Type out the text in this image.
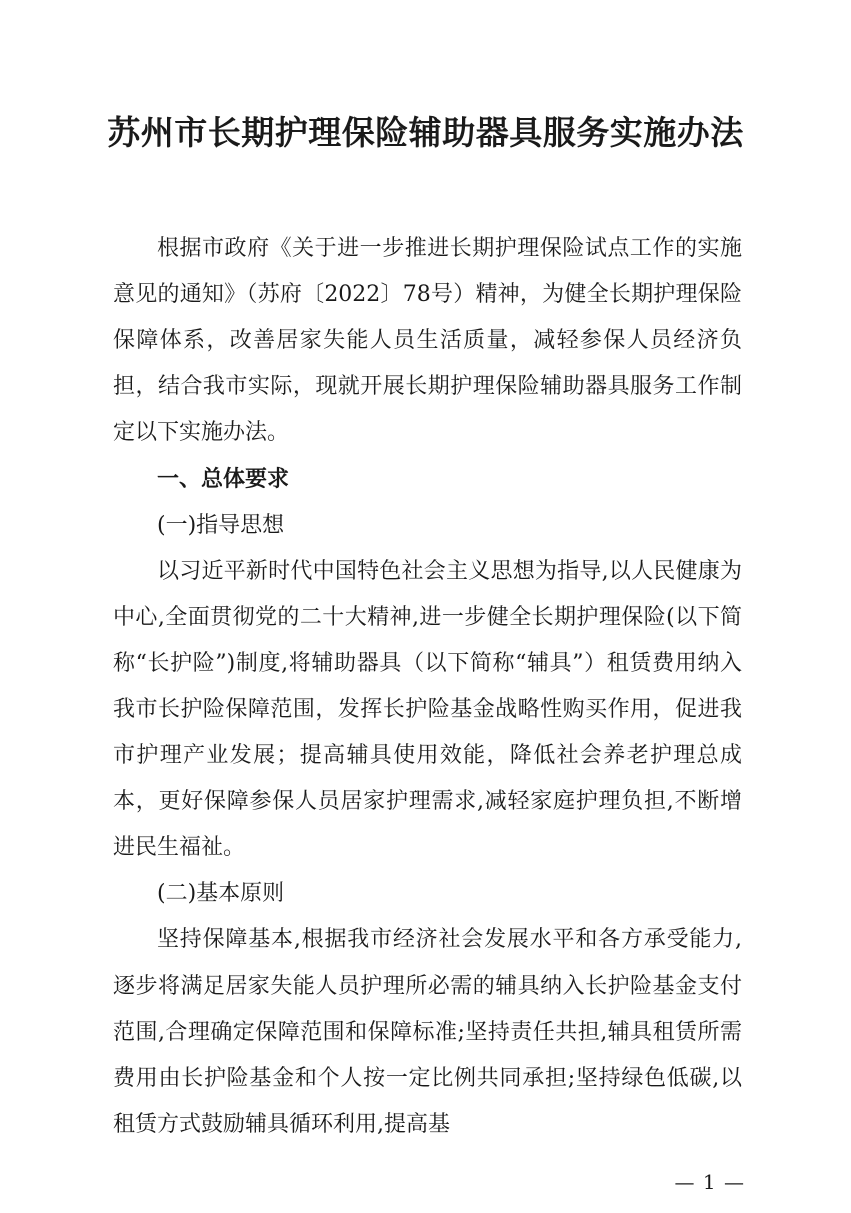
苏州市长期护理保险辅助器具服务实施办法

根据市政府《关于进一步推进长期护理保险试点工作的实施意见的通知》（苏府〔2022〕78号）精神，为健全长期护理保险保障体系，改善居家失能人员生活质量，减轻参保人员经济负担，结合我市实际，现就开展长期护理保险辅助器具服务工作制定以下实施办法。

一、总体要求

(一)指导思想

以习近平新时代中国特色社会主义思想为指导,以人民健康为中心,全面贯彻党的二十大精神,进一步健全长期护理保险(以下简称“长护险”)制度,将辅助器具（以下简称“辅具”）租赁费用纳入我市长护险保障范围，发挥长护险基金战略性购买作用，促进我市护理产业发展；提高辅具使用效能，降低社会养老护理总成本，更好保障参保人员居家护理需求,减轻家庭护理负担,不断增进民生福祉。

(二)基本原则

坚持保障基本,根据我市经济社会发展水平和各方承受能力,逐步将满足居家失能人员护理所必需的辅具纳入长护险基金支付范围,合理确定保障范围和保障标准;坚持责任共担,辅具租赁所需费用由长护险基金和个人按一定比例共同承担;坚持绿色低碳,以租赁方式鼓励辅具循环利用,提高基

— 1 —
